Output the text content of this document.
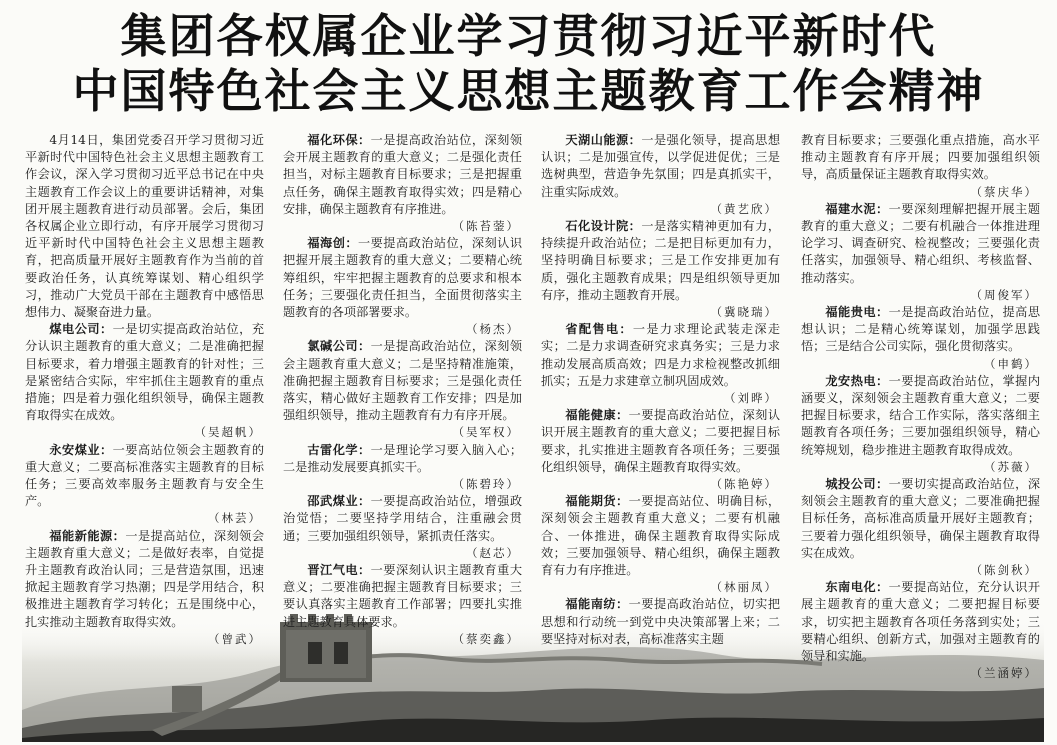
集团各权属企业学习贯彻习近平新时代
中国特色社会主义思想主题教育工作会精神

4月14日，集团党委召开学习贯彻习近平新时代中国特色社会主义思想主题教育工作会议，深入学习贯彻习近平总书记在中央主题教育工作会议上的重要讲话精神，对集团开展主题教育进行动员部署。会后，集团各权属企业立即行动，有序开展学习贯彻习近平新时代中国特色社会主义思想主题教育，把高质量开展好主题教育作为当前的首要政治任务，认真统筹谋划、精心组织学习，推动广大党员干部在主题教育中感悟思想伟力、凝聚奋进力量。

煤电公司：一是切实提高政治站位，充分认识主题教育的重大意义；二是准确把握目标要求，着力增强主题教育的针对性；三是紧密结合实际，牢牢抓住主题教育的重点措施；四是着力强化组织领导，确保主题教育取得实在成效。

（吴超帆）

永安煤业：一要高站位领会主题教育的重大意义；二要高标准落实主题教育的目标任务；三要高效率服务主题教育与安全生产。

（林芸）

福能新能源：一是提高站位，深刻领会主题教育重大意义；二是做好表率，自觉提升主题教育政治认同；三是营造氛围，迅速掀起主题教育学习热潮；四是学用结合，积极推进主题教育学习转化；五是围绕中心，扎实推动主题教育取得实效。

（曾武）

福化环保：一是提高政治站位，深刻领会开展主题教育的重大意义；二是强化责任担当，对标主题教育目标要求；三是把握重点任务，确保主题教育取得实效；四是精心安排，确保主题教育有序推进。

（陈苔蓥）

福海创：一要提高政治站位，深刻认识把握开展主题教育的重大意义；二要精心统筹组织，牢牢把握主题教育的总要求和根本任务；三要强化责任担当，全面贯彻落实主题教育的各项部署要求。

（杨杰）

氯碱公司：一是提高政治站位，深刻领会主题教育重大意义；二是坚持精准施策，准确把握主题教育目标要求；三是强化责任落实，精心做好主题教育工作安排；四是加强组织领导，推动主题教育有力有序开展。

（吴军权）

古雷化学：一是理论学习要入脑入心；二是推动发展要真抓实干。

（陈碧玲）

邵武煤业：一要提高政治站位，增强政治觉悟；二要坚持学用结合，注重融会贯通；三要加强组织领导，紧抓责任落实。

（赵芯）

晋江气电：一要深刻认识主题教育重大意义；二要准确把握主题教育目标要求；三要认真落实主题教育工作部署；四要扎实推进主题教育具体要求。

（蔡奕鑫）

天湖山能源：一是强化领导，提高思想认识；二是加强宣传，以学促进促优；三是选树典型，营造争先氛围；四是真抓实干，注重实际成效。

（黄艺欣）

石化设计院：一是落实精神更加有力，持续提升政治站位；二是把目标更加有力，坚持明确目标要求；三是工作安排更加有质，强化主题教育成果；四是组织领导更加有序，推动主题教育开展。

（冀晓瑞）

省配售电：一是力求理论武装走深走实；二是力求调查研究求真务实；三是力求推动发展高质高效；四是力求检视整改抓细抓实；五是力求建章立制巩固成效。

（刘晔）

福能健康：一要提高政治站位，深刻认识开展主题教育的重大意义；二要把握目标要求，扎实推进主题教育各项任务；三要强化组织领导，确保主题教育取得实效。

（陈艳婷）

福能期货：一要提高站位、明确目标，深刻领会主题教育重大意义；二要有机融合、一体推进，确保主题教育取得实际成效；三要加强领导、精心组织，确保主题教育有力有序推进。

（林丽凤）

福能南纺：一要提高政治站位，切实把思想和行动统一到党中央决策部署上来；二要坚持对标对表，高标准落实主题

教育目标要求；三要强化重点措施，高水平推动主题教育有序开展；四要加强组织领导，高质量保证主题教育取得实效。

（蔡庆华）

福建水泥：一要深刻理解把握开展主题教育的重大意义；二要有机融合一体推进理论学习、调查研究、检视整改；三要强化责任落实，加强领导、精心组织、考核监督、推动落实。

（周俊军）

福能贵电：一是提高政治站位，提高思想认识；二是精心统筹谋划，加强学思践悟；三是结合公司实际，强化贯彻落实。

（申鹤）

龙安热电：一要提高政治站位，掌握内涵要义，深刻领会主题教育重大意义；二要把握目标要求，结合工作实际，落实落细主题教育各项任务；三要加强组织领导，精心统筹规划，稳步推进主题教育取得成效。

（苏薇）

城投公司：一要切实提高政治站位，深刻领会主题教育的重大意义；二要准确把握目标任务，高标准高质量开展好主题教育；三要着力强化组织领导，确保主题教育取得实在成效。

（陈剑秋）

东南电化：一要提高站位，充分认识开展主题教育的重大意义；二要把握目标要求，切实把主题教育各项任务落到实处；三要精心组织、创新方式，加强对主题教育的领导和实施。

（兰涵婷）
